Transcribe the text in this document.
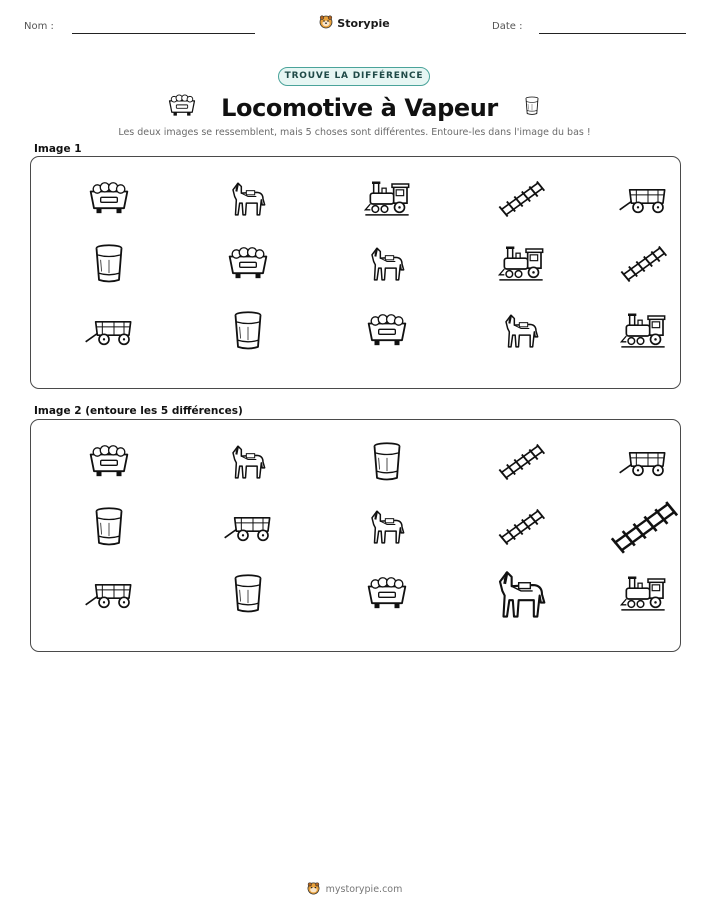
Nom :	Storypie	Date :
TROUVE LA DIFFÉRENCE
Locomotive à Vapeur
Les deux images se ressemblent, mais 5 choses sont différentes. Entoure-les dans l'image du bas !
Image 1
Image 2 (entoure les 5 différences)
mystorypie.com
